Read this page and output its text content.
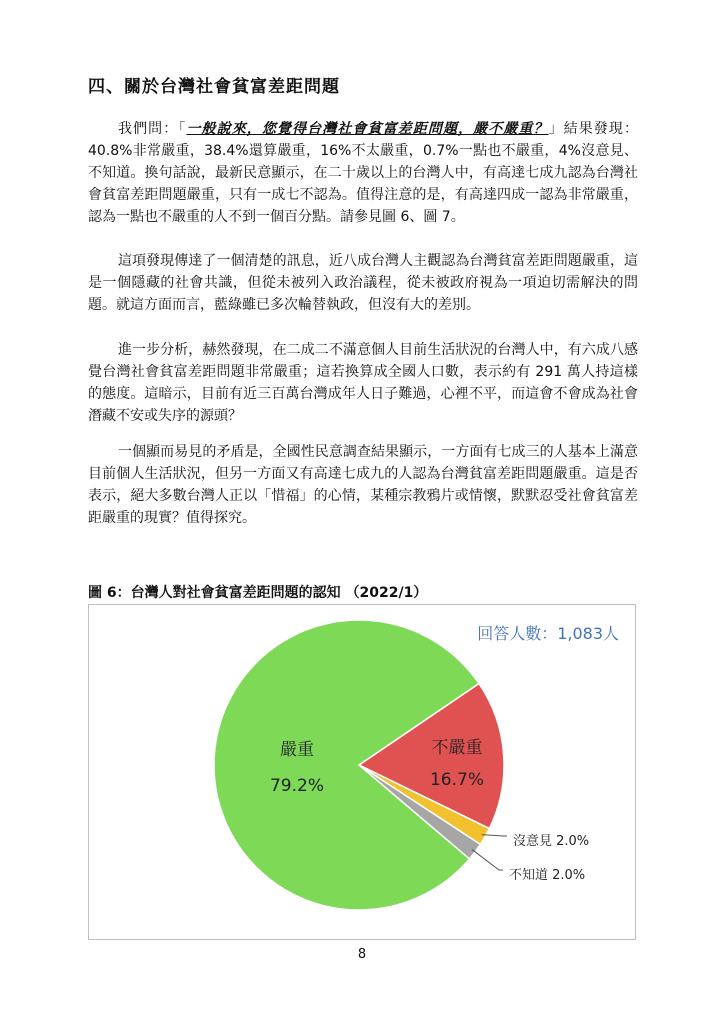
四、關於台灣社會貧富差距問題
我們問：「一般說來，您覺得台灣社會貧富差距問題，嚴不嚴重？」結果發現：40.8%非常嚴重，38.4%還算嚴重，16%不太嚴重，0.7%一點也不嚴重，4%沒意見、不知道。換句話說，最新民意顯示，在二十歲以上的台灣人中，有高達七成九認為台灣社會貧富差距問題嚴重，只有一成七不認為。值得注意的是，有高達四成一認為非常嚴重，認為一點也不嚴重的人不到一個百分點。請參見圖 6、圖 7。
這項發現傳達了一個清楚的訊息，近八成台灣人主觀認為台灣貧富差距問題嚴重，這是一個隱藏的社會共識，但從未被列入政治議程，從未被政府視為一項迫切需解決的問題。就這方面而言，藍綠雖已多次輪替執政，但沒有大的差別。
進一步分析，赫然發現，在二成二不滿意個人目前生活狀況的台灣人中，有六成八感覺台灣社會貧富差距問題非常嚴重；這若換算成全國人口數，表示約有 291 萬人持這樣的態度。這暗示，目前有近三百萬台灣成年人日子難過，心裡不平，而這會不會成為社會潛藏不安或失序的源頭？
一個顯而易見的矛盾是，全國性民意調查結果顯示，一方面有七成三的人基本上滿意目前個人生活狀況，但另一方面又有高達七成九的人認為台灣貧富差距問題嚴重。這是否表示，絕大多數台灣人正以「惜福」的心情，某種宗教鴉片或情懷，默默忍受社會貧富差距嚴重的現實？值得探究。
圖 6：台灣人對社會貧富差距問題的認知 （2022/1）
回答人數：1,083人
嚴重
79.2%
不嚴重
16.7%
沒意見 2.0%
不知道 2.0%
8
